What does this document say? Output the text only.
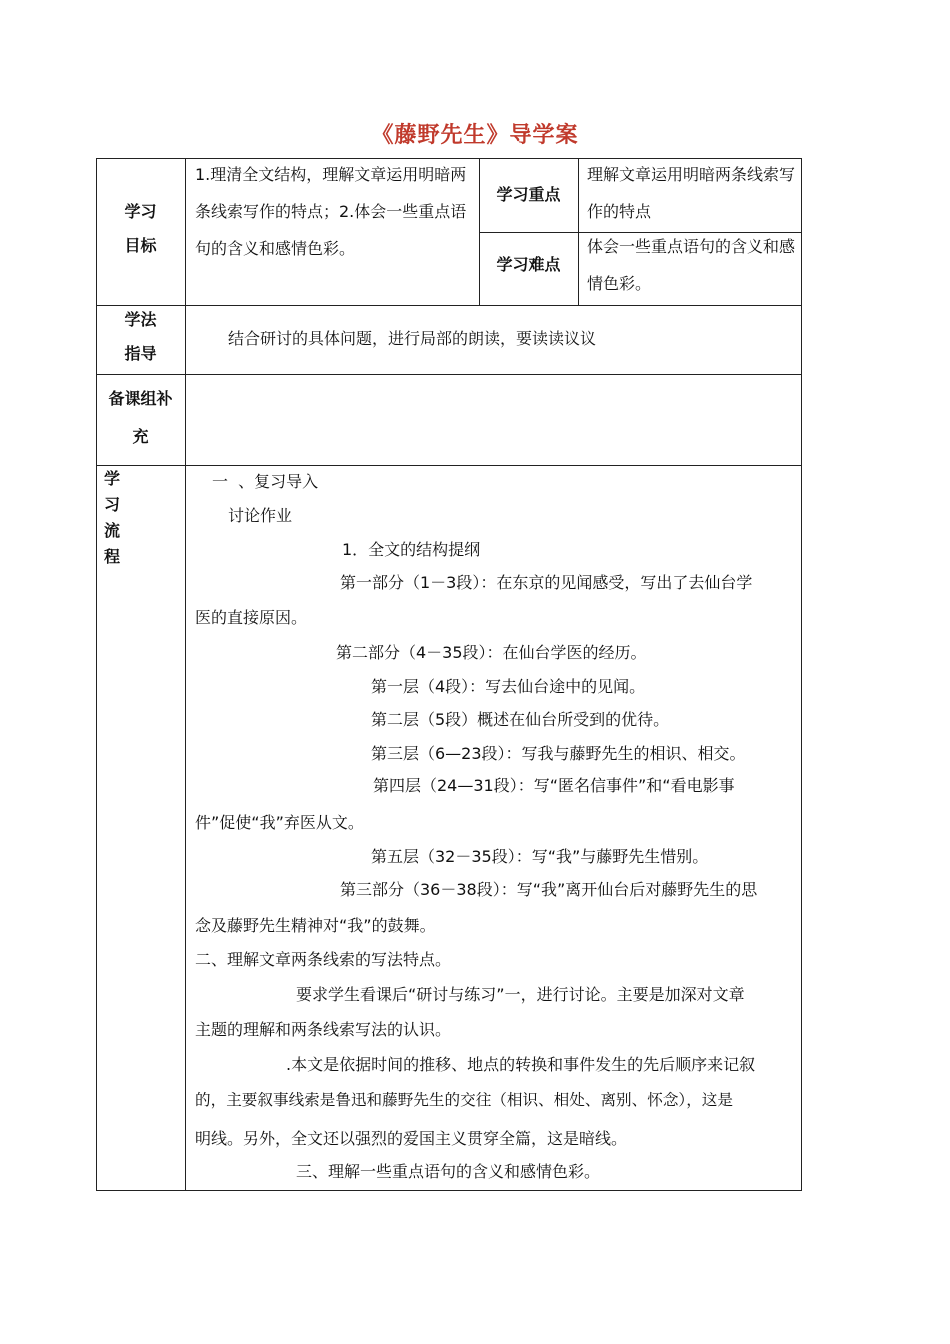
《藤野先生》导学案
学习
目标
1.理清全文结构，理解文章运用明暗两条线索写作的特点；2.体会一些重点语句的含义和感情色彩。
学习重点
理解文章运用明暗两条线索写作的特点
学习难点
体会一些重点语句的含义和感情色彩。
学法
指导
结合研讨的具体问题，进行局部的朗读，要读读议议
备课组补
充
学
习
流
程
一  、复习导入
讨论作业
1．全文的结构提纲
第一部分（1－3段）：在东京的见闻感受，写出了去仙台学
医的直接原因。
第二部分（4－35段）：在仙台学医的经历。
第一层（4段）：写去仙台途中的见闻。
第二层（5段）概述在仙台所受到的优待。
第三层（6—23段）：写我与藤野先生的相识、相交。
第四层（24—31段）：写“匿名信事件”和“看电影事
件”促使“我”弃医从文。
第五层（32－35段）：写“我”与藤野先生惜别。
第三部分（36－38段）：写“我”离开仙台后对藤野先生的思
念及藤野先生精神对“我”的鼓舞。
二、理解文章两条线索的写法特点。
要求学生看课后“研讨与练习”一，进行讨论。主要是加深对文章
主题的理解和两条线索写法的认识。
.本文是依据时间的推移、地点的转换和事件发生的先后顺序来记叙
的，主要叙事线索是鲁迅和藤野先生的交往（相识、相处、离别、怀念），这是
明线。另外，全文还以强烈的爱国主义贯穿全篇，这是暗线。
三、理解一些重点语句的含义和感情色彩。
